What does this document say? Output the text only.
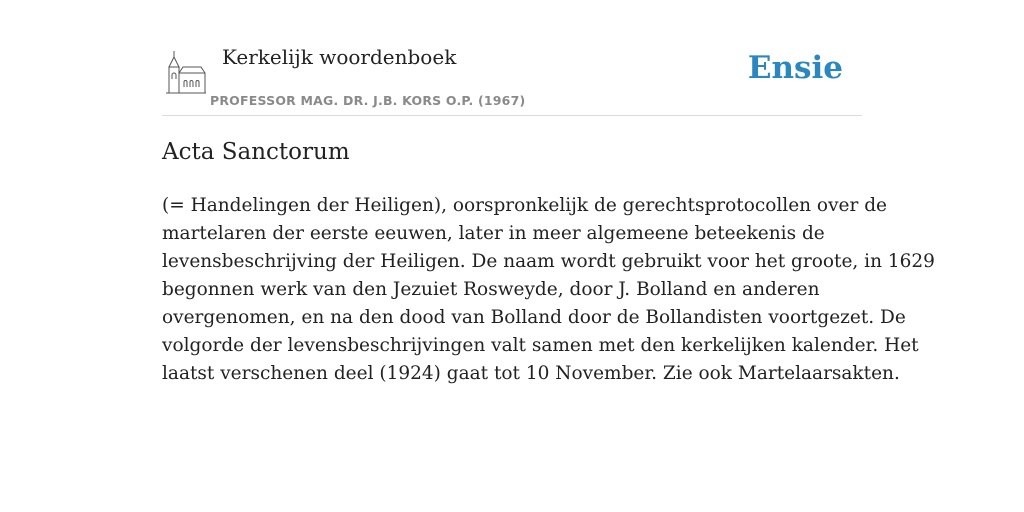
Kerkelijk woordenboek
PROFESSOR MAG. DR. J.B. KORS O.P. (1967)
Ensie
Acta Sanctorum
(= Handelingen der Heiligen), oorspronkelijk de gerechtsprotocollen over de
martelaren der eerste eeuwen, later in meer algemeene beteekenis de
levensbeschrijving der Heiligen. De naam wordt gebruikt voor het groote, in 1629
begonnen werk van den Jezuiet Rosweyde, door J. Bolland en anderen
overgenomen, en na den dood van Bolland door de Bollandisten voortgezet. De
volgorde der levensbeschrijvingen valt samen met den kerkelijken kalender. Het
laatst verschenen deel (1924) gaat tot 10 November. Zie ook Martelaarsakten.
